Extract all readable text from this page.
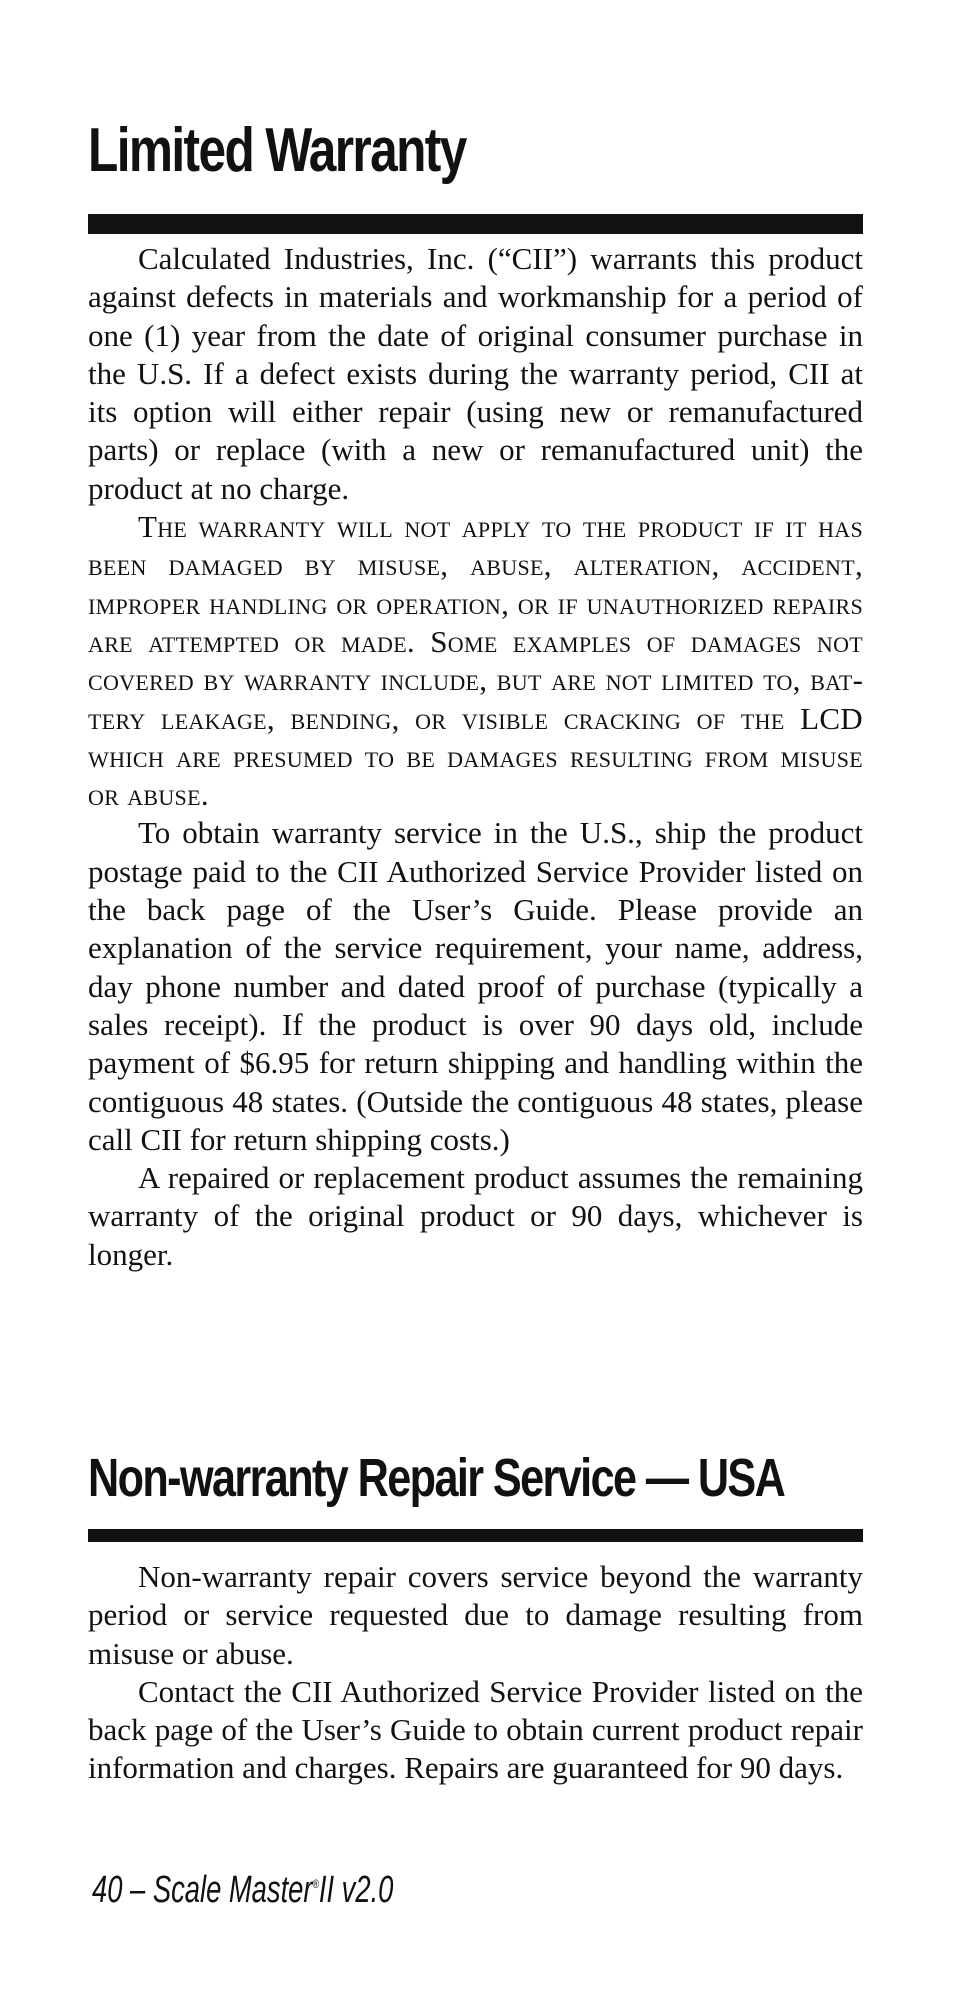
Limited Warranty

Calculated Industries, Inc. (“CII”) warrants this product against defects in materials and workmanship for a period of one (1) year from the date of original consumer purchase in the U.S. If a defect exists during the warranty period, CII at its option will either repair (using new or remanufactured parts) or replace (with a new or remanufactured unit) the product at no charge.

The warranty will not apply to the product if it has been damaged by misuse, abuse, alteration, accident, improper handling or operation, or if unauthorized repairs are attempted or made. Some examples of damages not covered by warranty include, but are not limited to, battery leakage, bending, or visible cracking of the LCD which are presumed to be damages resulting from misuse or abuse.

To obtain warranty service in the U.S., ship the product postage paid to the CII Authorized Service Provider listed on the back page of the User’s Guide. Please provide an explanation of the service requirement, your name, address, day phone number and dated proof of purchase (typically a sales receipt). If the product is over 90 days old, include payment of $6.95 for return shipping and handling within the contiguous 48 states. (Outside the contiguous 48 states, please call CII for return shipping costs.)

A repaired or replacement product assumes the remaining warranty of the original product or 90 days, whichever is longer.

Non-warranty Repair Service — USA

Non-warranty repair covers service beyond the warranty period or service requested due to damage resulting from misuse or abuse.

Contact the CII Authorized Service Provider listed on the back page of the User’s Guide to obtain current product repair information and charges. Repairs are guaranteed for 90 days.

40 – Scale Master®II v2.0
